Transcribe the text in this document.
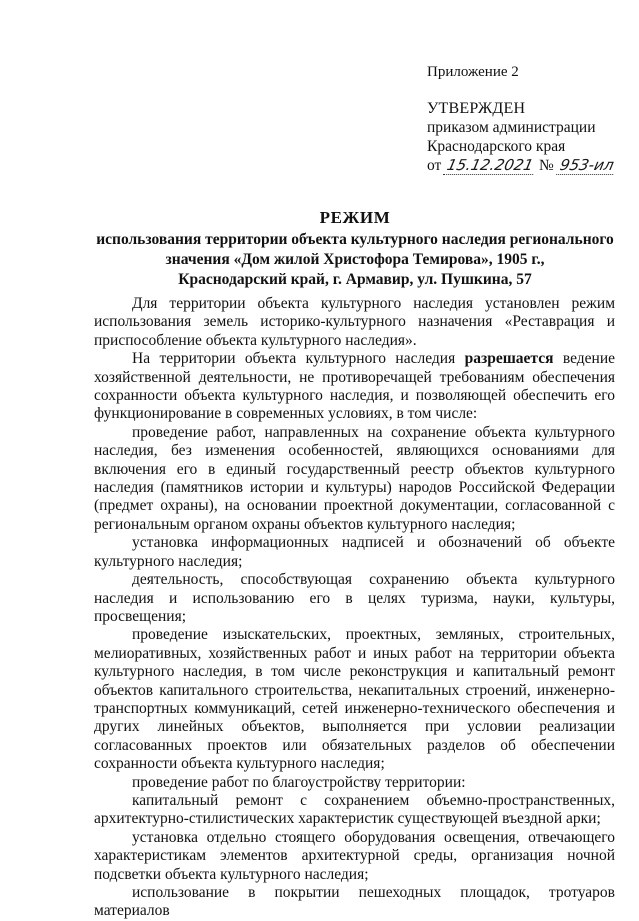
Приложение 2
УТВЕРЖДЕН
приказом администрации
Краснодарского края
от 15.12.2021 № 953-ил
РЕЖИМ
использования территории объекта культурного наследия регионального
значения «Дом жилой Христофора Темирова», 1905 г.,
Краснодарский край, г. Армавир, ул. Пушкина, 57

Для территории объекта культурного наследия установлен режим использования земель историко-культурного назначения «Реставрация и приспособление объекта культурного наследия».

На территории объекта культурного наследия разрешается ведение хозяйственной деятельности, не противоречащей требованиям обеспечения сохранности объекта культурного наследия, и позволяющей обеспечить его функционирование в современных условиях, в том числе:

проведение работ, направленных на сохранение объекта культурного наследия, без изменения особенностей, являющихся основаниями для включения его в единый государственный реестр объектов культурного наследия (памятников истории и культуры) народов Российской Федерации (предмет охраны), на основании проектной документации, согласованной с региональным органом охраны объектов культурного наследия;

установка информационных надписей и обозначений об объекте культурного наследия;

деятельность, способствующая сохранению объекта культурного наследия и использованию его в целях туризма, науки, культуры, просвещения;

проведение изыскательских, проектных, земляных, строительных, мелиоративных, хозяйственных работ и иных работ на территории объекта культурного наследия, в том числе реконструкция и капитальный ремонт объектов капитального строительства, некапитальных строений, инженерно-транспортных коммуникаций, сетей инженерно-технического обеспечения и других линейных объектов, выполняется при условии реализации согласованных проектов или обязательных разделов об обеспечении сохранности объекта культурного наследия;

проведение работ по благоустройству территории:

капитальный ремонт с сохранением объемно-пространственных, архитектурно-стилистических характеристик существующей въездной арки;

установка отдельно стоящего оборудования освещения, отвечающего характеристикам элементов архитектурной среды, организация ночной подсветки объекта культурного наследия;

использование в покрытии пешеходных площадок, тротуаров материалов
